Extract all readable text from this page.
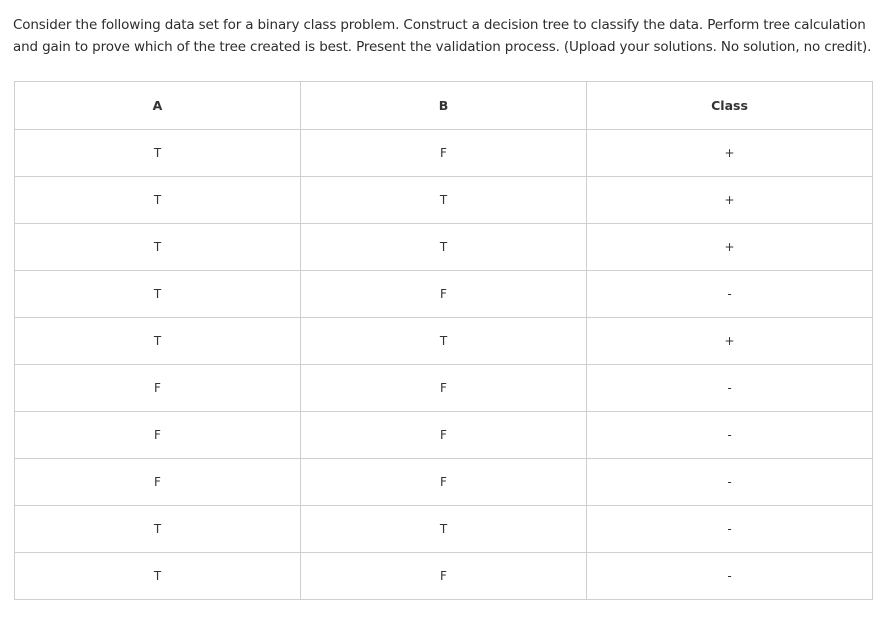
Consider the following data set for a binary class problem. Construct a decision tree to classify the data. Perform tree calculation and gain to prove which of the tree created is best. Present the validation process. (Upload your solutions. No solution, no credit).

A	B	Class
T	F	+
T	T	+
T	T	+
T	F	-
T	T	+
F	F	-
F	F	-
F	F	-
T	T	-
T	F	-
